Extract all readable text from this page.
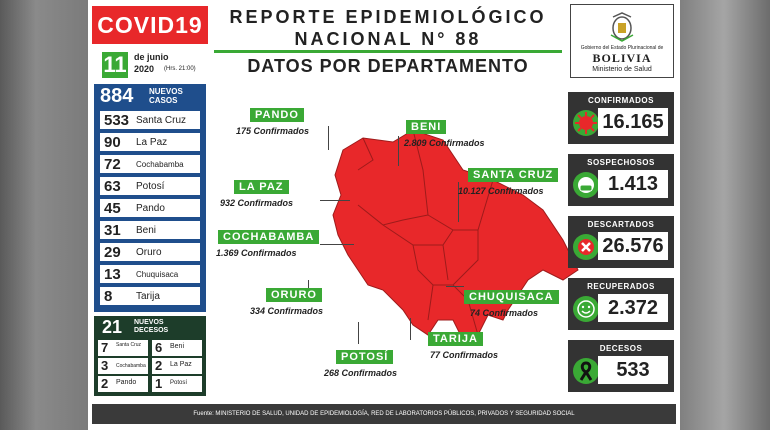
COVID19
11 de junio
2020 (Hrs. 21:00)
REPORTE EPIDEMIOLÓGICO
NACIONAL N° 88
DATOS POR DEPARTAMENTO
Gobierno del Estado Plurinacional de
BOLIVIA
Ministerio de Salud
884 NUEVOS
CASOS
533 Santa Cruz
90 La Paz
72 Cochabamba
63 Potosí
45 Pando
31 Beni
29 Oruro
13 Chuquisaca
8 Tarija
21 NUEVOS
DECESOS
7 Santa Cruz	6 Beni
3 Cochabamba 2 La Paz
2 Pando 1 Potosí
PANDO
175 Confirmados	BENI
2.809 Confirmados
SANTA CRUZ
10.127 Confirmados
LA PAZ
932 Confirmados
COCHABAMBA
1.369 Confirmados
ORURO
334 Confirmados
CHUQUISACA
74 Confirmados
TARIJA
77 Confirmados
POTOSÍ
268 Confirmados
CONFIRMADOS
16.165
SOSPECHOSOS
1.413
DESCARTADOS
26.576
RECUPERADOS
2.372
DECESOS
533
Fuente: MINISTERIO DE SALUD, UNIDAD DE EPIDEMIOLOGÍA, RED DE LABORATORIOS PÚBLICOS, PRIVADOS Y SEGURIDAD SOCIAL
